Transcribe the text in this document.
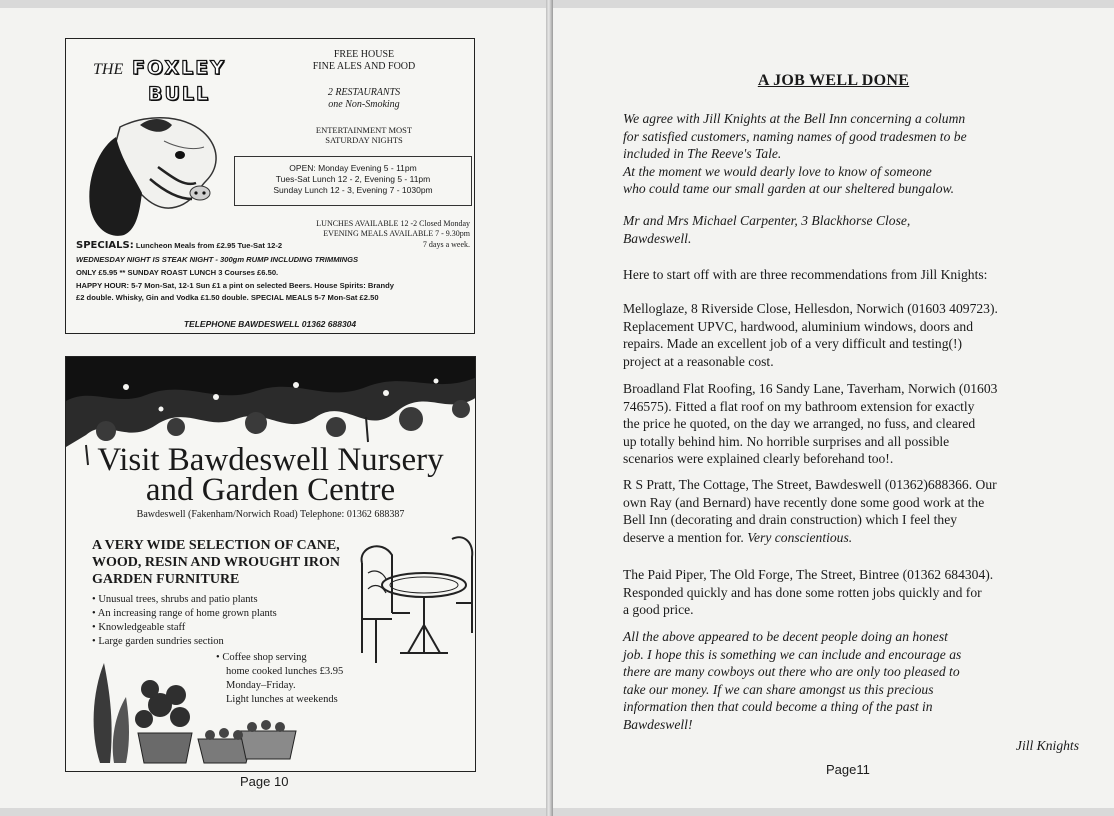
THE FOXLEY
BULL
FREE HOUSE
FINE ALES AND FOOD
2 RESTAURANTS
one Non-Smoking
ENTERTAINMENT MOST
SATURDAY NIGHTS
OPEN: Monday Evening 5 - 11pm
Tues-Sat Lunch 12 - 2, Evening 5 - 11pm
Sunday Lunch 12 - 3, Evening 7 - 1030pm
LUNCHES AVAILABLE 12 -2 Closed Monday
EVENING MEALS AVAILABLE 7 - 9.30pm
7 days a week.
SPECIALS: Luncheon Meals from £2.95 Tue-Sat 12-2
WEDNESDAY NIGHT IS STEAK NIGHT - 300gm RUMP INCLUDING TRIMMINGS
ONLY £5.95 ** SUNDAY ROAST LUNCH 3 Courses £6.50.
HAPPY HOUR: 5-7 Mon-Sat, 12-1 Sun £1 a pint on selected Beers. House Spirits: Brandy
£2 double. Whisky, Gin and Vodka £1.50 double. SPECIAL MEALS 5-7 Mon-Sat £2.50
TELEPHONE BAWDESWELL 01362 688304
Visit Bawdeswell Nursery
and Garden Centre
Bawdeswell (Fakenham/Norwich Road) Telephone: 01362 688387
A VERY WIDE SELECTION OF CANE,
WOOD, RESIN AND WROUGHT IRON
GARDEN FURNITURE
• Unusual trees, shrubs and patio plants
• An increasing range of home grown plants
• Knowledgeable staff
• Large garden sundries section
• Coffee shop serving
home cooked lunches £3.95
Monday–Friday.
Light lunches at weekends
Page 10
A JOB WELL DONE
We agree with Jill Knights at the Bell Inn concerning a column
for satisfied customers, naming names of good tradesmen to be
included in The Reeve's Tale.
At the moment we would dearly love to know of someone
who could tame our small garden at our sheltered bungalow.
Mr and Mrs Michael Carpenter, 3 Blackhorse Close,
Bawdeswell.
Here to start off with are three recommendations from Jill Knights:
Melloglaze, 8 Riverside Close, Hellesdon, Norwich (01603 409723).
Replacement UPVC, hardwood, aluminium windows, doors and
repairs. Made an excellent job of a very difficult and testing(!)
project at a reasonable cost.
Broadland Flat Roofing, 16 Sandy Lane, Taverham, Norwich (01603
746575). Fitted a flat roof on my bathroom extension for exactly
the price he quoted, on the day we arranged, no fuss, and cleared
up totally behind him. No horrible surprises and all possible
scenarios were explained clearly beforehand too!.
R S Pratt, The Cottage, The Street, Bawdeswell (01362)688366. Our
own Ray (and Bernard) have recently done some good work at the
Bell Inn (decorating and drain construction) which I feel they
deserve a mention for. Very conscientious.
The Paid Piper, The Old Forge, The Street, Bintree (01362 684304).
Responded quickly and has done some rotten jobs quickly and for
a good price.
All the above appeared to be decent people doing an honest
job. I hope this is something we can include and encourage as
there are many cowboys out there who are only too pleased to
take our money. If we can share amongst us this precious
information then that could become a thing of the past in
Bawdeswell!
Jill Knights
Page11
